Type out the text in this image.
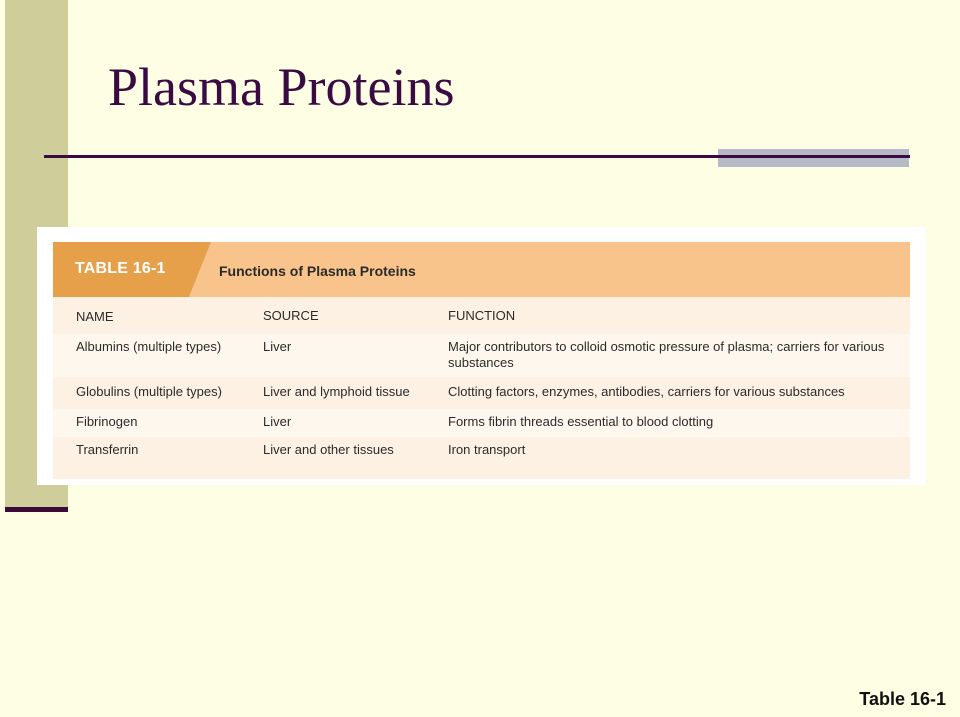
Plasma Proteins
TABLE 16-1	Functions of Plasma Proteins
NAME	SOURCE	FUNCTION
Albumins (multiple types)	Liver	Major contributors to colloid osmotic pressure of plasma; carriers for various substances
Globulins (multiple types)	Liver and lymphoid tissue	Clotting factors, enzymes, antibodies, carriers for various substances
Fibrinogen	Liver	Forms fibrin threads essential to blood clotting
Transferrin	Liver and other tissues	Iron transport
Table 16-1
